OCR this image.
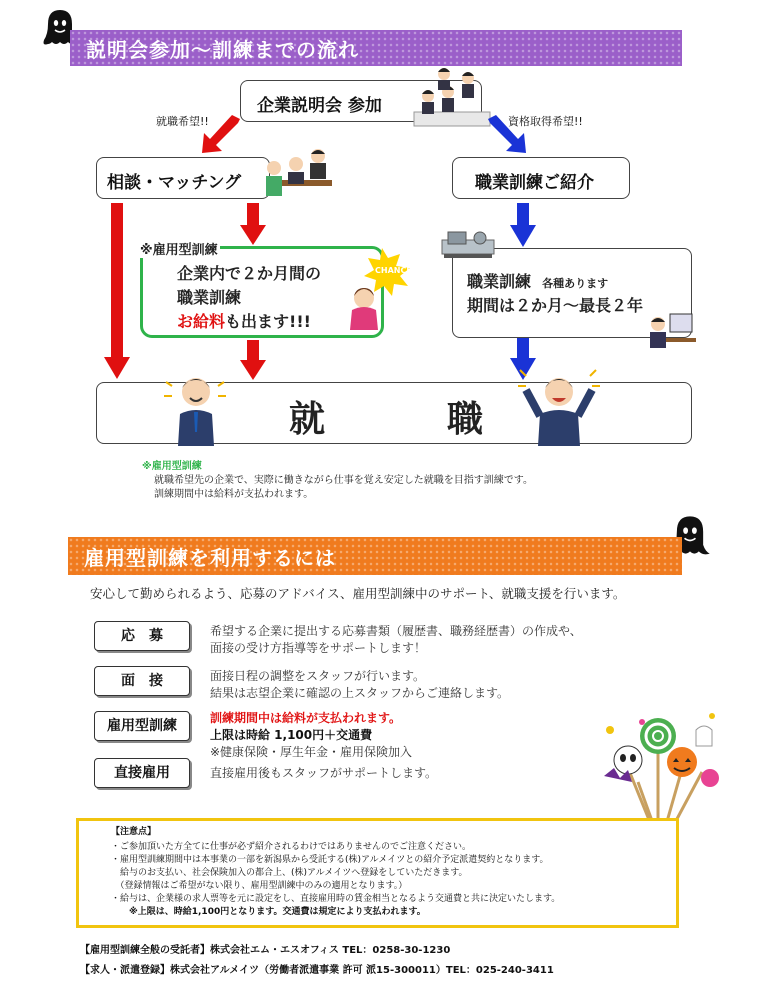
説明会参加～訓練までの流れ
企業説明会 参加
就職希望!!	資格取得希望!!
相談・マッチング	職業訓練ご紹介
※雇用型訓練
企業内で２か月間の
職業訓練
お給料も出ます!!!
CHANCE
職業訓練 各種あります
期間は２か月～最長２年
就	職
※雇用型訓練
就職希望先の企業で、実際に働きながら仕事を覚え安定した就職を目指す訓練です。
訓練期間中は給料が支払われます。
雇用型訓練を利用するには
安心して勤められるよう、応募のアドバイス、雇用型訓練中のサポート、就職支援を行います。
応　募	希望する企業に提出する応募書類（履歴書、職務経歴書）の作成や、
面接の受け方指導等をサポートします！
面　接	面接日程の調整をスタッフが行います。
結果は志望企業に確認の上スタッフからご連絡します。
雇用型訓練	訓練期間中は給料が支払われます。
上限は時給 1,100円＋交通費
※健康保険・厚生年金・雇用保険加入
直接雇用	直接雇用後もスタッフがサポートします。
【注意点】
・ご参加頂いた方全てに仕事が必ず紹介されるわけではありませんのでご注意ください。
・雇用型訓練期間中は本事業の一部を新潟県から受託する(株)アルメイツとの紹介予定派遣契約となります。
　給与のお支払い、社会保険加入の都合上、(株)アルメイツへ登録をしていただきます。
　（登録情報はご希望がない限り、雇用型訓練中のみの適用となります。）
・給与は、企業様の求人票等を元に設定をし、直接雇用時の賃金相当となるよう交通費と共に決定いたします。
　　※上限は、時給1,100円となります。交通費は規定により支払われます。
【雇用型訓練全般の受託者】株式会社エム・エスオフィス TEL：0258-30-1230
【求人・派遣登録】株式会社アルメイツ（労働者派遣事業 許可 派15-300011）TEL：025-240-3411
